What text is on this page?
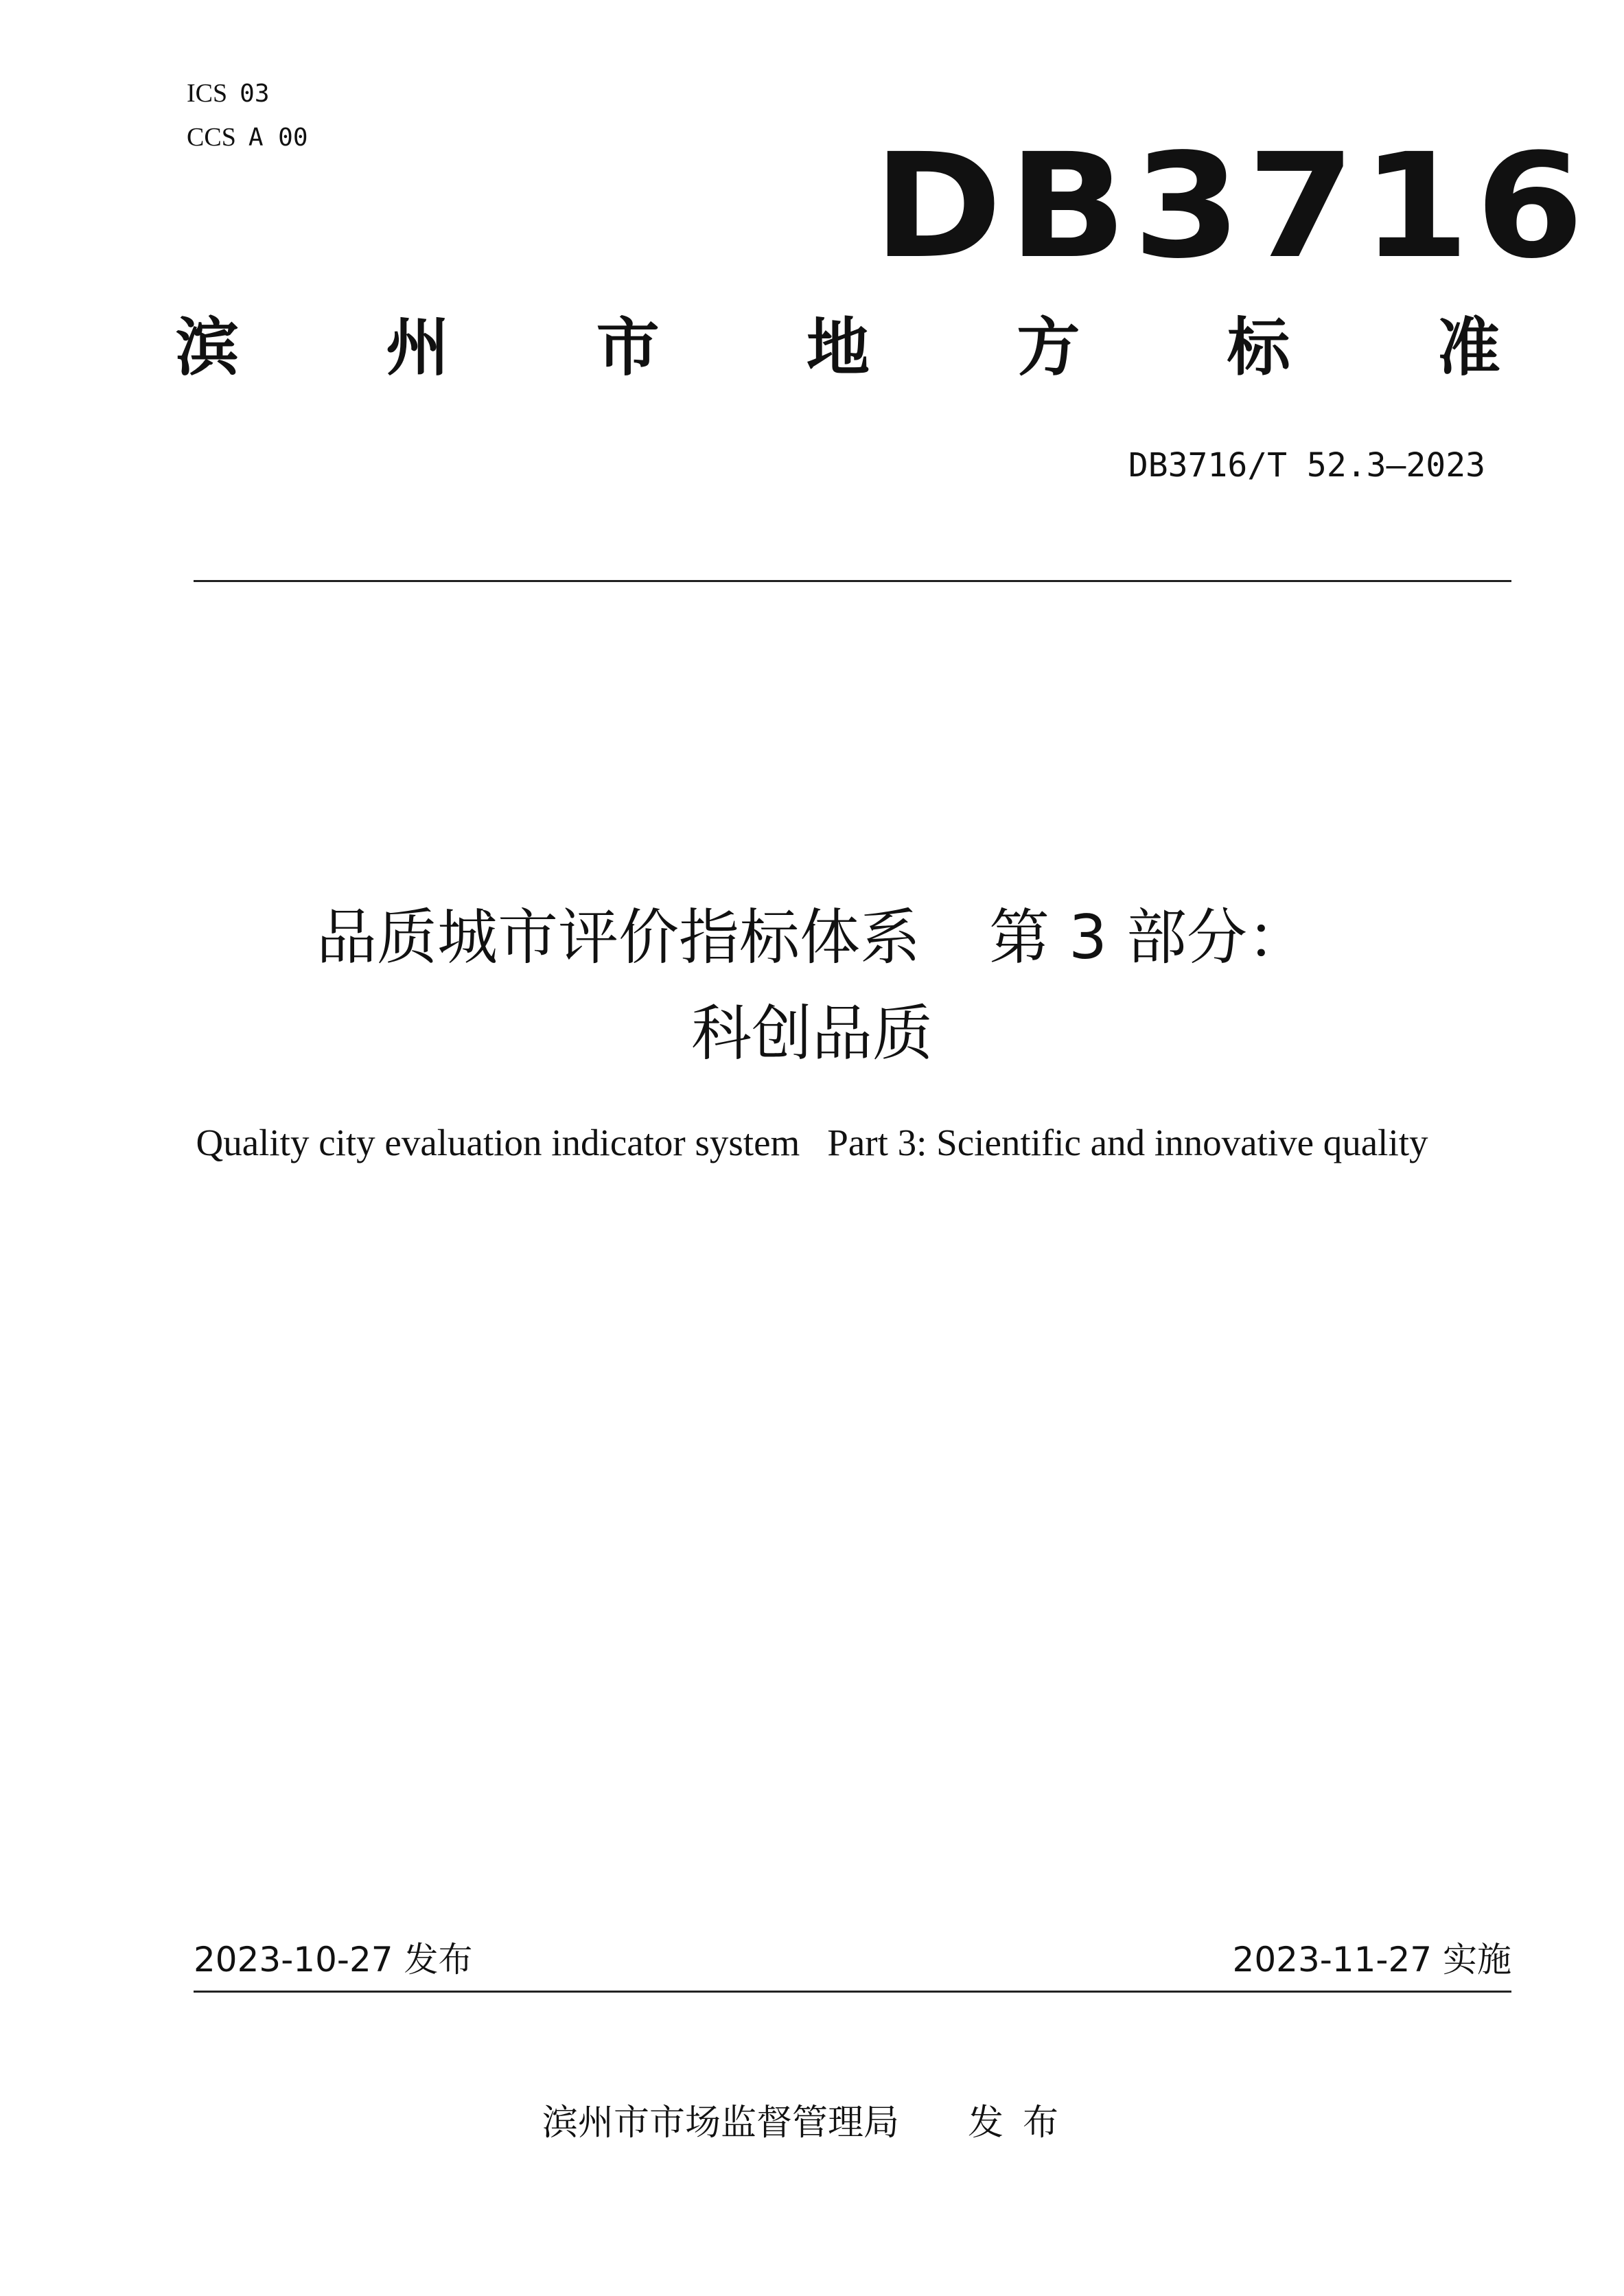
ICS 03
CCS A 00	DB3716
滨 州 市 地 方 标 准
DB3716/T 52.3—2023
品质城市评价指标体系 第 3 部分：
科创品质
Quality city evaluation indicator system Part 3: Scientific and innovative quality
2023-10-27 发布	2023-11-27 实施
滨州市市场监督管理局 发布
